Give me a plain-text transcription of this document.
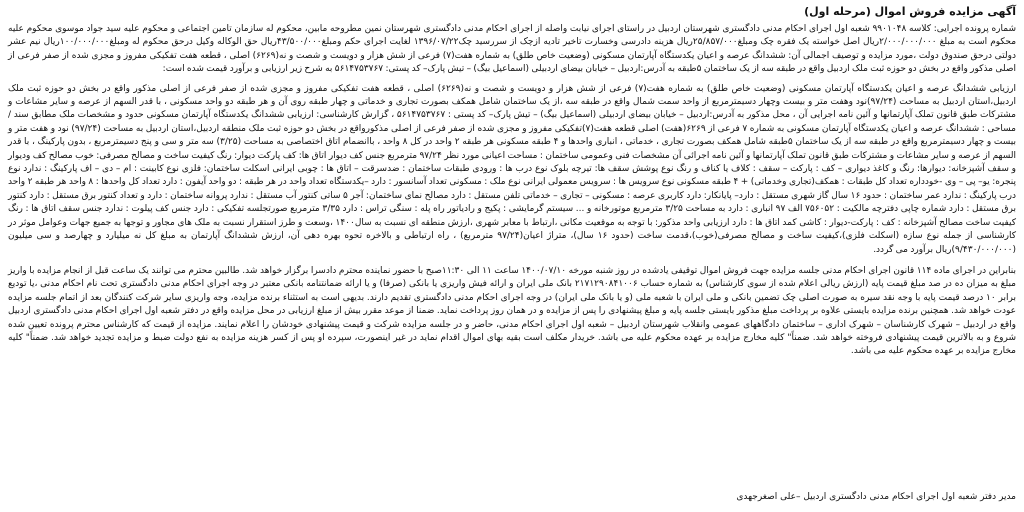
آگهی مزایده فروش اموال (مرحله اول)

شماره پرونده اجرایی: کلاسه ۹۹۰۱۰۴۸ شعبه اول اجرای احکام مدنی دادگستری شهرستان اردبیل در راستای اجرای نیابت واصله از اجرای احکام مدنی دادگستری شهرستان نمین مطروحه مابین، محکوم له سازمان تامین اجتماعی و محکوم علیه سید جواد موسوی محکوم علیه محکوم است به مبلغ ۲/۰۰۰/۰۰۰/۰۰۰ریال اصل خواسته یک فقره چک ومبلغ۲۵/۸۵۷/۰۰۰ریال هزینه دادرسی وخسارت تاخیر تادیه ازچک از سررسید چک۱۳۹۶/۰۷/۲۲ لغایت اجرای حکم ومبلغ۴۳/۵۰۰/۰۰۰ریال حق الوکاله وکیل درحق محکوم له ومبلغ۱۰۰/۰۰۰/۰۰۰ریال نیم عشر دولتی درحق صندوق دولت ،مورد مزایده و توصیف اجمالی آن: ششدانگ عرصه و اعیان یکدستگاه آپارتمان مسکونی (وضعیت خاص طلق) به شماره هفت(۷) فرعی از شش هزار و دویست و شصت و نه(۶۲۶۹) اصلی ، قطعه هفت تفکیکی مفروز و مجزی شده از صفر فرعی از اصلی مذکور واقع در بخش دو حوزه ثبت ملک اردبیل واقع در طبقه سه از یک ساختمان ۵طبقه به آدرس:اردبیل – خیابان بیضای اردبیلی (اسماعیل بیگ) – تیش پارک– کد پستی: ۵۶۱۴۷۵۳۷۶۷ به شرح زیر ارزیابی و برآورد قیمت شده است:

ارزیابی ششدانگ عرصه و اعیان یکدستگاه آپارتمان مسکونی (وضعیت خاص طلق) به شماره هفت(۷) فرعی از شش هزار و دویست و شصت و نه(۶۲۶۹) اصلی ، قطعه هفت تفکیکی مفروز و مجزی شده از صفر فرعی از اصلی مذکور واقع در بخش دو حوزه ثبت ملک اردبیل،استان اردبیل به مساحت (۹۷/۲۴)نود وهفت متر و بیست وچهار دسیمترمربع از واحد سمت شمال واقع در طبقه سه ،از یک ساختمان شامل همکف بصورت تجاری و خدماتی و چهار طبقه روی آن و هر طبقه دو واحد مسکونی ، با قدر السهم از عرصه و سایر مشاعات و مشترکات طبق قانون تملک آپارتمانها و آئین نامه اجرایی آن ، محل مذکور به آدرس:اردبیل – خیابان بیضای اردبیلی (اسماعیل بیگ) – تیش پارک– کد پستی : ۵۶۱۴۷۵۳۷۶۷ ، گزارش کارشناسی: ارزیابی ششدانگ یکدستگاه آپارتمان مسکونی حدود و مشخصات ملک مطابق سند / مساحی : ششدانگ عرصه و اعیان یکدستگاه آپارتمان مسکونی به شماره ۷ فرعی از ۶۲۶۹(هفت) اصلی قطعه هفت(۷)تفکیکی مفروز و مجزی شده از صفر فرعی از اصلی مذکورواقع در بخش دو حوزه ثبت ملک منطقه اردبیل،استان اردبیل به مساحت (۹۷/۲۴) نود و هفت متر و بیست و چهار دسیمترمربع واقع در طبقه سه از یک ساختمان ۵طبقه شامل همکف بصورت تجاری ، خدماتی ، انباری واحدها و ۴ طبقه مسکونی هر طبقه ۲ واحد در کل ۸ واحد ، باانضمام اتاق اختصاصی به مساحت (۳/۲۵) سه متر و سی و پنج دسیمترمربع ، بدون پارکینگ ، با قدر السهم از عرصه و سایر مشاعات و مشترکات طبق قانون تملک آپارتمانها و آئین نامه اجرائی آن مشخصات فنی وعمومی ساختمان : مساحت اعیانی مورد نظر ۹۷/۲۴ مترمربع جنس کف دیوار اتاق ها: کف پارکت دیوار: رنگ کیفیت ساخت و مصالح مصرفی: خوب مصالح کف ودیوار و سقف آشپزخانه: دیوارها: رنگ و کاغذ دیواری – کف : پارکت – سقف : کلاف یا کناف و رنگ نوع پوشش سقف ها: تیرچه بلوک نوع درب ها : ورودی طبقات ساختمان : ضدسرقت – اتاق ها : چوبی ایرانی اسکلت ساختمان: فلزی نوع کابینت : ام – دی – اف پارکینگ : ندارد نوع پنجره: یو– پی – وی -خودداره تعداد کل طبقات : همکف(تجاری وخدماتی) + ۴ طبقه مسکونی نوع سرویس ها : سرویس معمولی ایرانی نوع ملک : مسکونی تعداد آسانسور : دارد –یکدستگاه تعداد واحد در هر طبقه : دو واحد آیفون : دارد تعداد کل واحدها : ۸ واحد هر طبقه ۲ واحد درب پارکینگ : ندارد عمر ساختمان : حدود ۱۶ سال گاز شهری مستقل : دارد– پایانکار: دارد کاربری عرصه : مسکونی – تجاری – خدماتی تلفن مستقل : دارد مصالح نمای ساختمان: آجر ۵ ساتی کنتور آب مستقل : ندارد پروانه ساختمان : دارد و تعداد کنتور برق مستقل : دارد کنتور برق مستقل : دارد شماره چاپی دفترچه مالکیت : ۷۵۶۰۵۲ الف ۹۷ انباری : دارد به مساحت ۳/۲۵ مترمربع موتورخانه و ... سیستم گرمایشی : پکیج و رادیاتور راه پله : سنگی تراس : دارد ۳/۳۵ مترمربع صورتجلسه تفکیکی : دارد جنس کف پیلوت : ندارد جنس سقف اتاق ها : رنگ کیفیت ساخت مصالح آشپزخانه : کف : پارکت-دیوار : کاشی کمد اتاق ها : دارد ارزیابی واحد مذکور: با توجه به موقعیت مکانی ،ارتباط با معابر شهری ،ارزش منطقه ای نسبت به سال۱۴۰۰ ،وسعت و طرز استقرار نسبت به ملک های مجاور و توجها به جمیع جهات وعوامل موثر در کارشناسی از جمله نوع سازه (اسکلت فلزی)،کیفیت ساخت و مصالح مصرفی(خوب)،قدمت ساخت (حدود ۱۶ سال)، متراژ اعیان(۹۷/۲۴ مترمربع) ، راه ارتباطی و بالاخره تحوه بهره دهی آن، ارزش ششدانگ آپارتمان به مبلغ کل نه میلیارد و چهارصد و سی میلیون (۹/۴۳۰/۰۰۰/۰۰۰)ریال برآورد می گردد.

بنابراین در اجرای ماده ۱۱۴ قانون اجرای احکام مدنی جلسه مزایده جهت فروش اموال توقیفی یادشده در روز شنبه مورخه ۱۴۰۰/۰۷/۱۰ ساعت ۱۱ الی ۱۱:۳۰صبح با حضور نماینده محترم دادسرا برگزار خواهد شد. طالبین محترم می توانند یک ساعت قبل از انجام مزایده با واریز مبلغ به میزان ده در صد مبلغ قیمت پایه (ارزش ریالی اعلام شده از سوی کارشناس) به شماره حساب ۲۱۷۱۲۹۰۸۴۱۰۰۶ بانک ملی ایران و ارائه فیش واریزی یا بانکی (صرفا) و یا ارائه ضمانتنامه بانکی معتبر در وجه اجرای احکام مدنی دادگستری تحت نام احکام مدنی ،یا تودیع برابر ۱۰ درصد قیمت پایه با وجه نقد سیره به صورت اصلی چک تضمین بانکی و ملی ایران با شعبه ملی (و یا بانک ملی ایران) در وجه اجرای احکام مدنی دادگستری تقدیم دارند. بدیهی است به استثناء برنده مزایده، وجه واریزی سایر شرکت کنندگان بعد از اتمام جلسه مزایده عودت خواهد شد. همچنین برنده مزایده بایستی علاوه بر پرداخت مبلغ مذکور بایستی جلسه پایه و مبلغ پیشنهادی را پس از مزایده و در همان روز پرداخت نماید. ضمنا از موعد مقرر بیش از مبلغ ارزیابی در محل مزایده واقع در دفتر شعبه اول اجرای احکام مدنی دادگستری اردبیل واقع در اردبیل – شهرک کارشناسان – شهرک اداری – ساختمان دادگاههای عمومی وانقلاب شهرستان اردبیل – شعبه اول اجرای احکام مدنی، حاضر و در جلسه مزایده شرکت و قیمت پیشنهادی خودشان را اعلام نمایند. مزایده از قیمت که کارشناس محترم پرونده تعیین شده شروع و به بالاترین قیمت پیشنهادی فروخته خواهد شد. ضمناً" کلیه مخارج مزایده بر عهده محکوم علیه می باشد. خریدار مکلف است بقیه بهای اموال اقدام نماید در غیر اینصورت، سپرده او پس از کسر هزینه مزایده به نفع دولت ضبط و مزایده تجدید خواهد شد. ضمناً" کلیه مخارج مزایده بر عهده محکوم علیه می باشد.

مدیر دفتر شعبه اول اجرای احکام مدنی دادگستری اردبیل –علی اصغرجهدی
